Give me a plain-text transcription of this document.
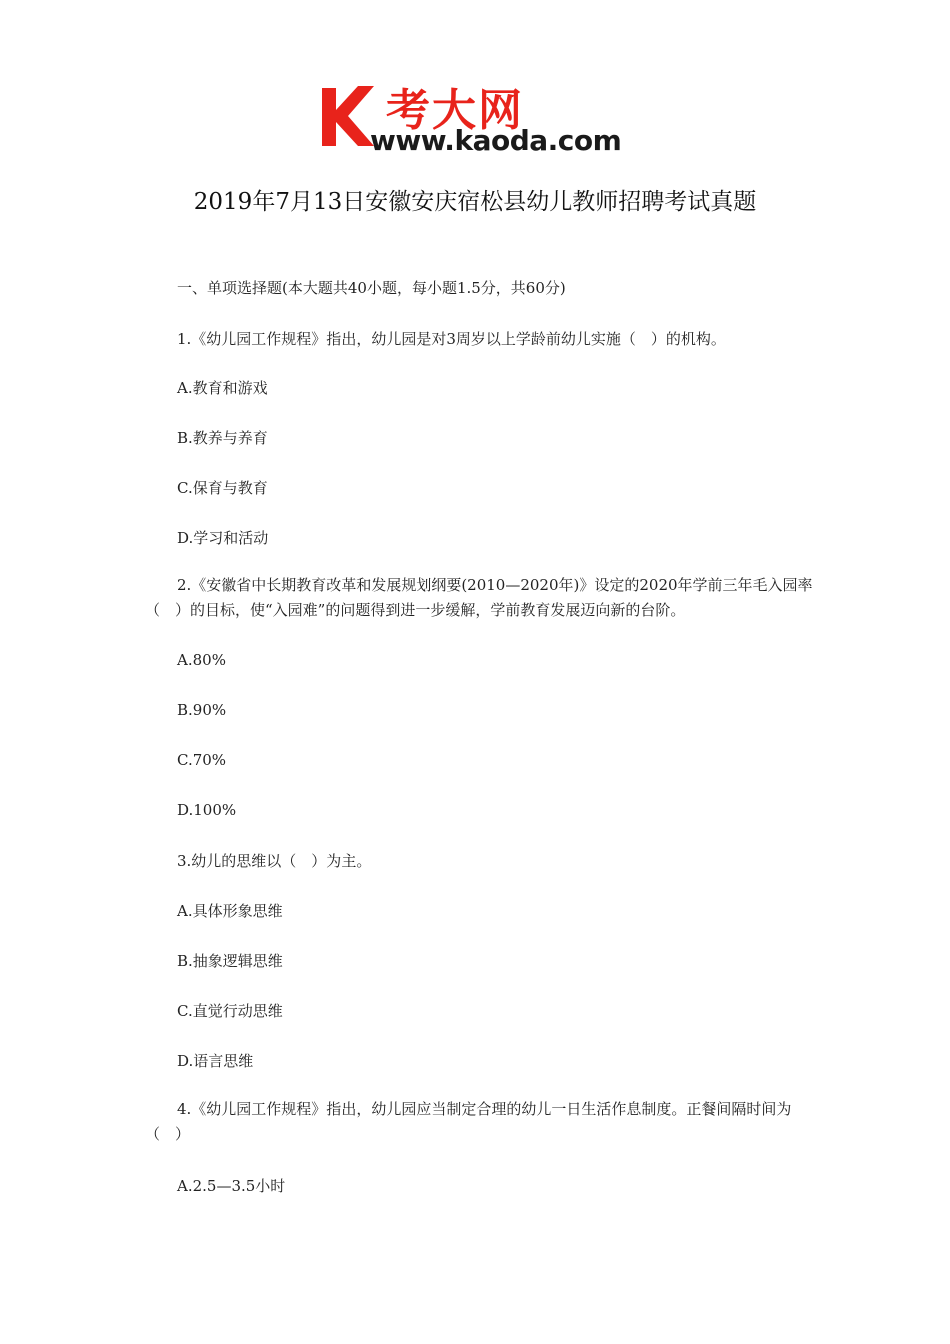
考大网
www.kaoda.com
2019年7月13日安徽安庆宿松县幼儿教师招聘考试真题
一、单项选择题(本大题共40小题，每小题1.5分，共60分)
1.《幼儿园工作规程》指出，幼儿园是对3周岁以上学龄前幼儿实施（　）的机构。
A.教育和游戏
B.教养与养育
C.保育与教育
D.学习和活动
2.《安徽省中长期教育改革和发展规划纲要(2010—2020年)》设定的2020年学前三年毛入园率（　）的目标，使“入园难”的问题得到进一步缓解，学前教育发展迈向新的台阶。
A.80%
B.90%
C.70%
D.100%
3.幼儿的思维以（　）为主。
A.具体形象思维
B.抽象逻辑思维
C.直觉行动思维
D.语言思维
4.《幼儿园工作规程》指出，幼儿园应当制定合理的幼儿一日生活作息制度。正餐间隔时间为（　）
A.2.5—3.5小时
